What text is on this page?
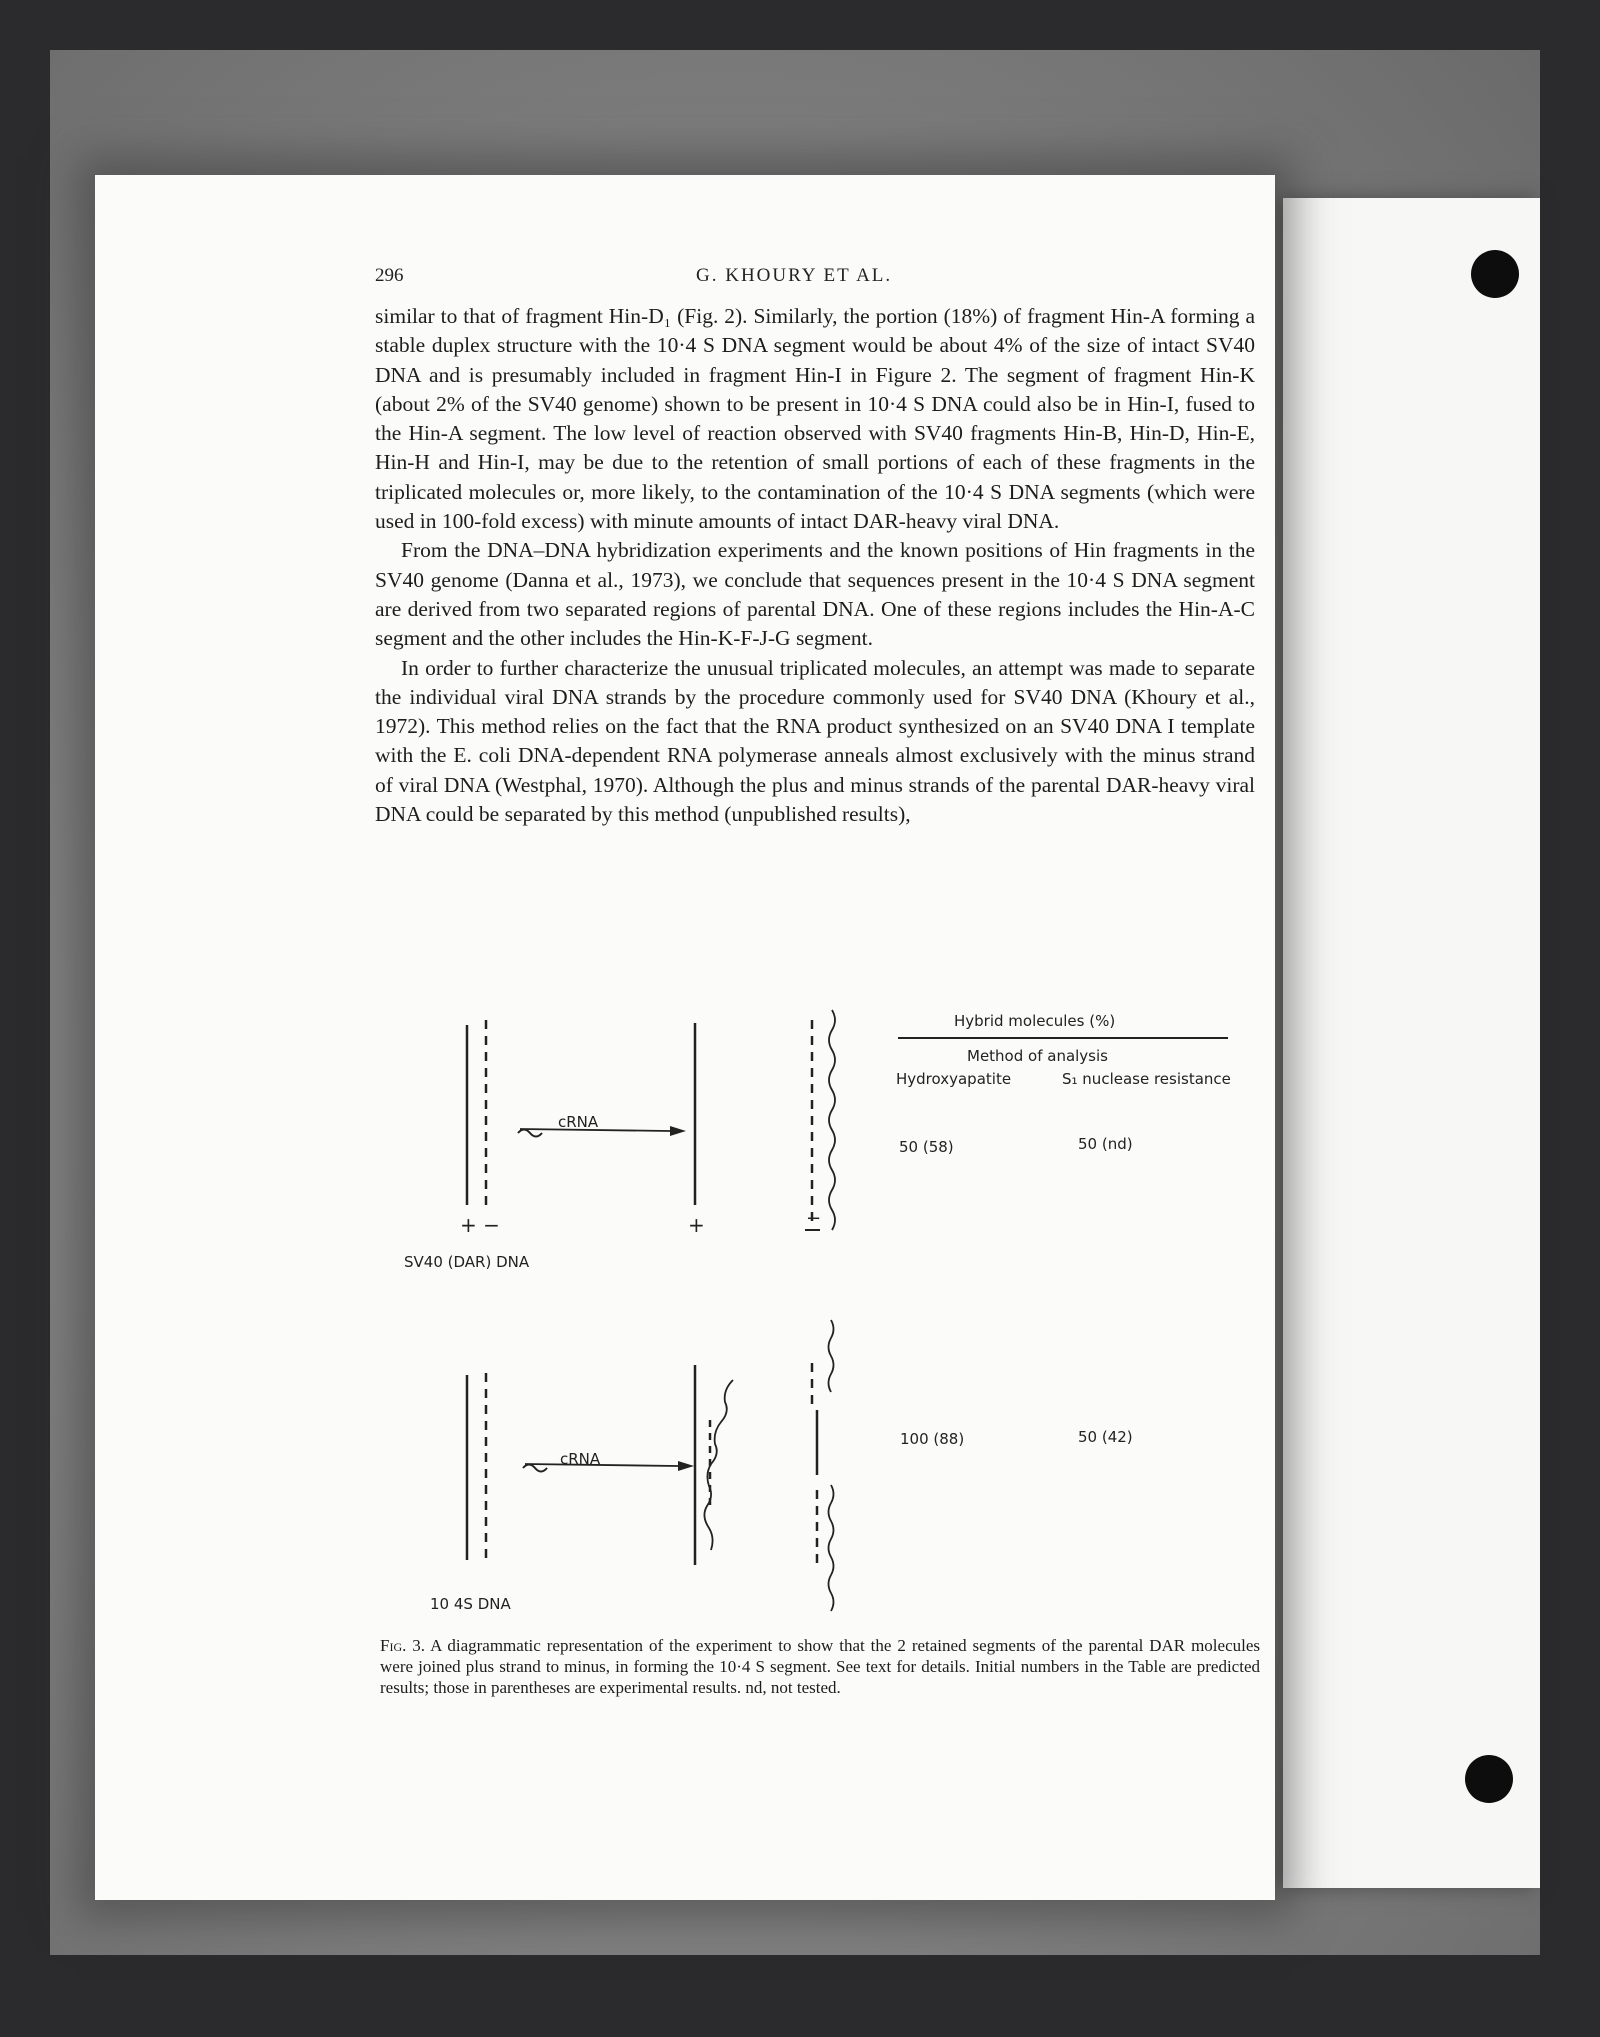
296	G. KHOURY ET AL.

similar to that of fragment Hin-D₁ (Fig. 2). Similarly, the portion (18%) of fragment Hin-A forming a stable duplex structure with the 10·4 S DNA segment would be about 4% of the size of intact SV40 DNA and is presumably included in fragment Hin-I in Figure 2. The segment of fragment Hin-K (about 2% of the SV40 genome) shown to be present in 10·4 S DNA could also be in Hin-I, fused to the Hin-A segment. The low level of reaction observed with SV40 fragments Hin-B, Hin-D, Hin-E, Hin-H and Hin-I, may be due to the retention of small portions of each of these fragments in the triplicated molecules or, more likely, to the contamination of the 10·4 S DNA segments (which were used in 100-fold excess) with minute amounts of intact DAR-heavy viral DNA.

From the DNA–DNA hybridization experiments and the known positions of Hin fragments in the SV40 genome (Danna et al., 1973), we conclude that sequences present in the 10·4 S DNA segment are derived from two separated regions of parental DNA. One of these regions includes the Hin-A-C segment and the other includes the Hin-K-F-J-G segment.

In order to further characterize the unusual triplicated molecules, an attempt was made to separate the individual viral DNA strands by the procedure commonly used for SV40 DNA (Khoury et al., 1972). This method relies on the fact that the RNA product synthesized on an SV40 DNA I template with the E. coli DNA-dependent RNA polymerase anneals almost exclusively with the minus strand of viral DNA (Westphal, 1970). Although the plus and minus strands of the parental DAR-heavy viral DNA could be separated by this method (unpublished results),

Hybrid molecules (%)
Method of analysis
Hydroxyapatite	S₁ nuclease resistance
cRNA
+ −	+	−
SV40 (DAR) DNA
50 (58)	50 (nd)
cRNA
10 4S DNA
100 (88)	50 (42)
Fig. 3. A diagrammatic representation of the experiment to show that the 2 retained segments of the parental DAR molecules were joined plus strand to minus, in forming the 10·4 S segment. See text for details. Initial numbers in the Table are predicted results; those in parentheses are experimental results. nd, not tested.
